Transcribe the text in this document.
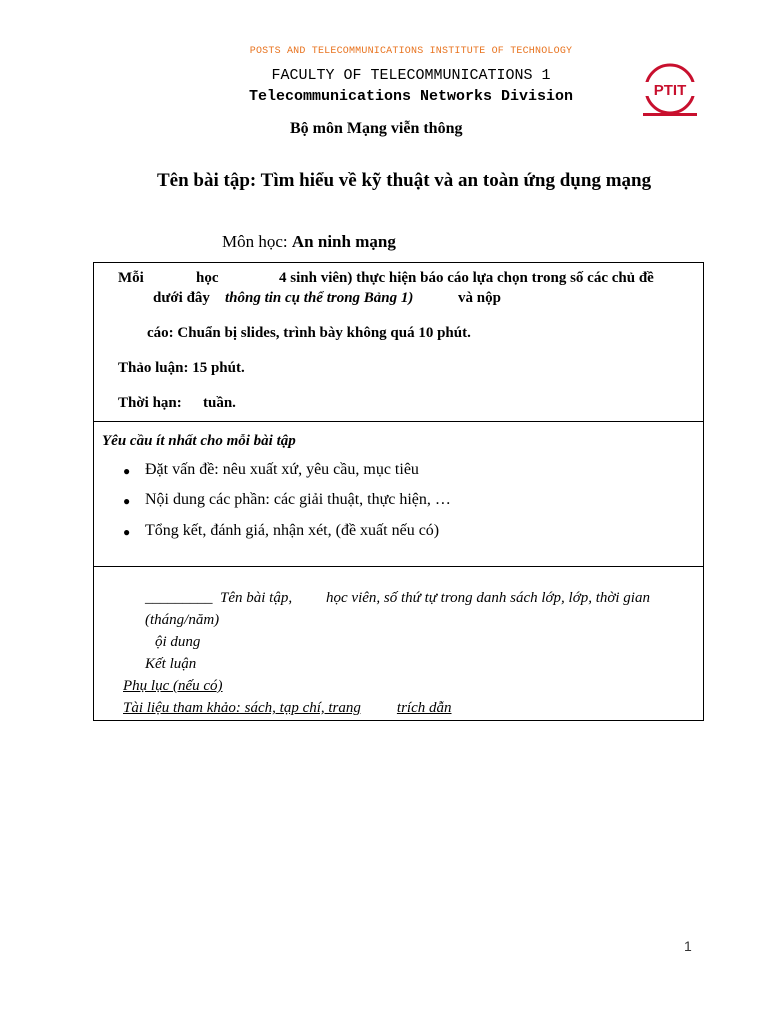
POSTS AND TELECOMMUNICATIONS INSTITUTE OF TECHNOLOGY
FACULTY OF TELECOMMUNICATIONS 1
Telecommunications Networks Division	PTIT
Bộ môn Mạng viễn thông
Tên bài tập: Tìm hiểu về kỹ thuật và an toàn ứng dụng mạng
Môn học: An ninh mạng
Mỗi	học	4 sinh viên) thực hiện báo cáo lựa chọn trong số các chủ đề
dưới đây thông tin cụ thể trong Bảng 1)	và nộp
cáo: Chuẩn bị slides, trình bày không quá 10 phút.
Thảo luận: 15 phút.
Thời hạn: tuần.
Yêu cầu ít nhất cho mỗi bài tập
● Đặt vấn đề: nêu xuất xứ, yêu cầu, mục tiêu
● Nội dung các phần: các giải thuật, thực hiện, …
● Tổng kết, đánh giá, nhận xét, (đề xuất nếu có)
_________ Tên bài tập, học viên, số thứ tự trong danh sách lớp, lớp, thời gian
(tháng/năm)
ội dung
Kết luận
Phụ lục (nếu có)
Tài liệu tham khảo: sách, tạp chí, trang trích dẫn
1
